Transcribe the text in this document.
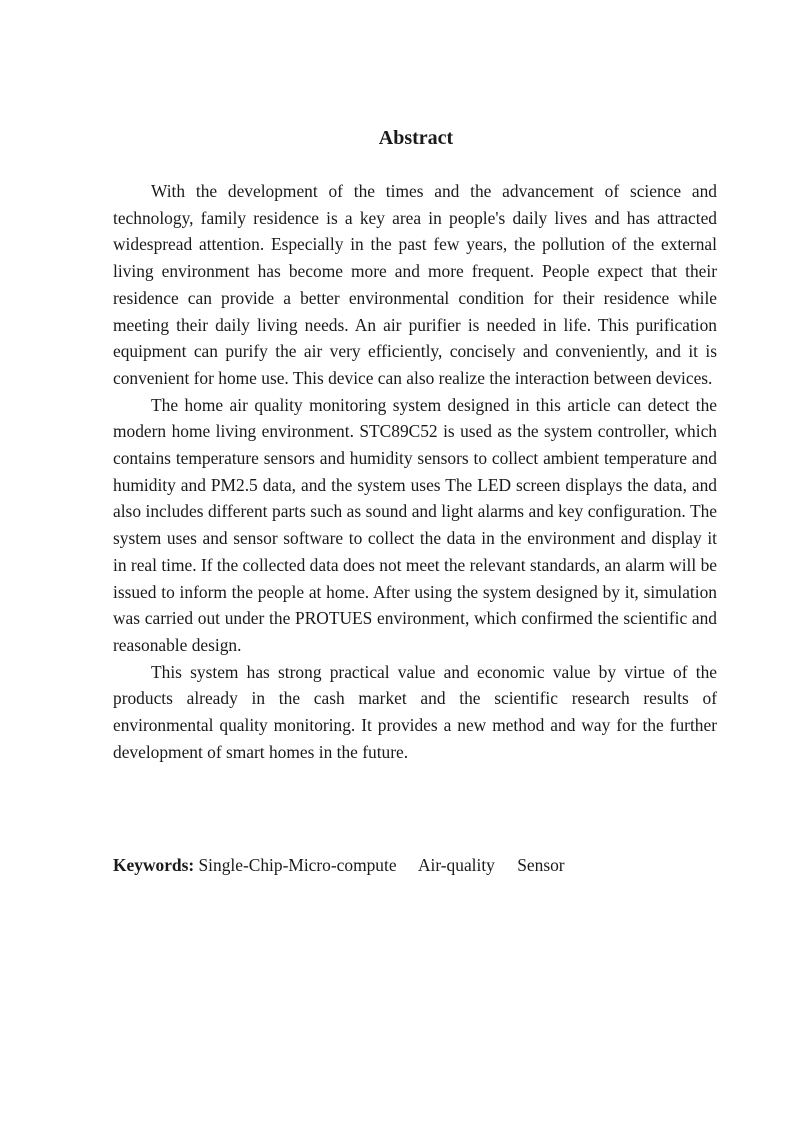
Abstract

With the development of the times and the advancement of science and technology, family residence is a key area in people's daily lives and has attracted widespread attention. Especially in the past few years, the pollution of the external living environment has become more and more frequent. People expect that their residence can provide a better environmental condition for their residence while meeting their daily living needs. An air purifier is needed in life. This purification equipment can purify the air very efficiently, concisely and conveniently, and it is convenient for home use. This device can also realize the interaction between devices.

The home air quality monitoring system designed in this article can detect the modern home living environment. STC89C52 is used as the system controller, which contains temperature sensors and humidity sensors to collect ambient temperature and humidity and PM2.5 data, and the system uses The LED screen displays the data, and also includes different parts such as sound and light alarms and key configuration. The system uses and sensor software to collect the data in the environment and display it in real time. If the collected data does not meet the relevant standards, an alarm will be issued to inform the people at home. After using the system designed by it, simulation was carried out under the PROTUES environment, which confirmed the scientific and reasonable design.

This system has strong practical value and economic value by virtue of the products already in the cash market and the scientific research results of environmental quality monitoring. It provides a new method and way for the further development of smart homes in the future.

Keywords: Single-Chip-Micro-compute Air-quality Sensor
